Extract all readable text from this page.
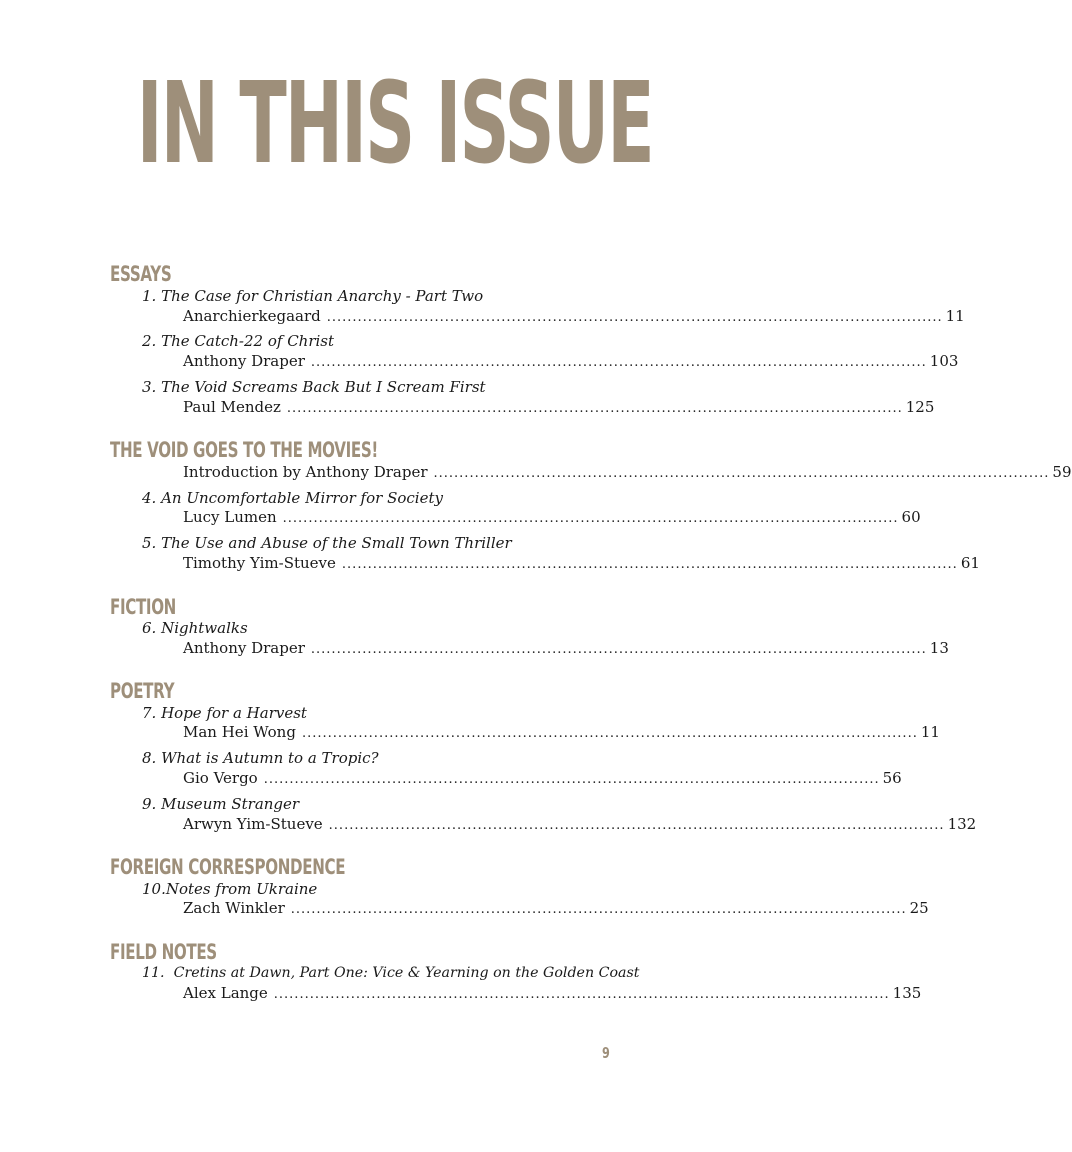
IN THIS ISSUE
ESSAYS
1. The Case for Christian Anarchy - Part Two
Anarchierkegaard ........................................................................................................................ 11
2. The Catch-22 of Christ
Anthony Draper ........................................................................................................................ 103
3. The Void Screams Back But I Scream First
Paul Mendez ........................................................................................................................ 125
THE VOID GOES TO THE MOVIES!
Introduction by Anthony Draper ........................................................................................................................ 59
4. An Uncomfortable Mirror for Society
Lucy Lumen ........................................................................................................................ 60
5. The Use and Abuse of the Small Town Thriller
Timothy Yim-Stueve ........................................................................................................................ 61
FICTION
6. Nightwalks
Anthony Draper ........................................................................................................................ 13
POETRY
7. Hope for a Harvest
Man Hei Wong ........................................................................................................................ 11
8. What is Autumn to a Tropic?
Gio Vergo ........................................................................................................................ 56
9. Museum Stranger
Arwyn Yim-Stueve ........................................................................................................................ 132
FOREIGN CORRESPONDENCE
10.Notes from Ukraine
Zach Winkler ........................................................................................................................ 25
FIELD NOTES
11. Cretins at Dawn, Part One: Vice & Yearning on the Golden Coast
Alex Lange ........................................................................................................................ 135
9
